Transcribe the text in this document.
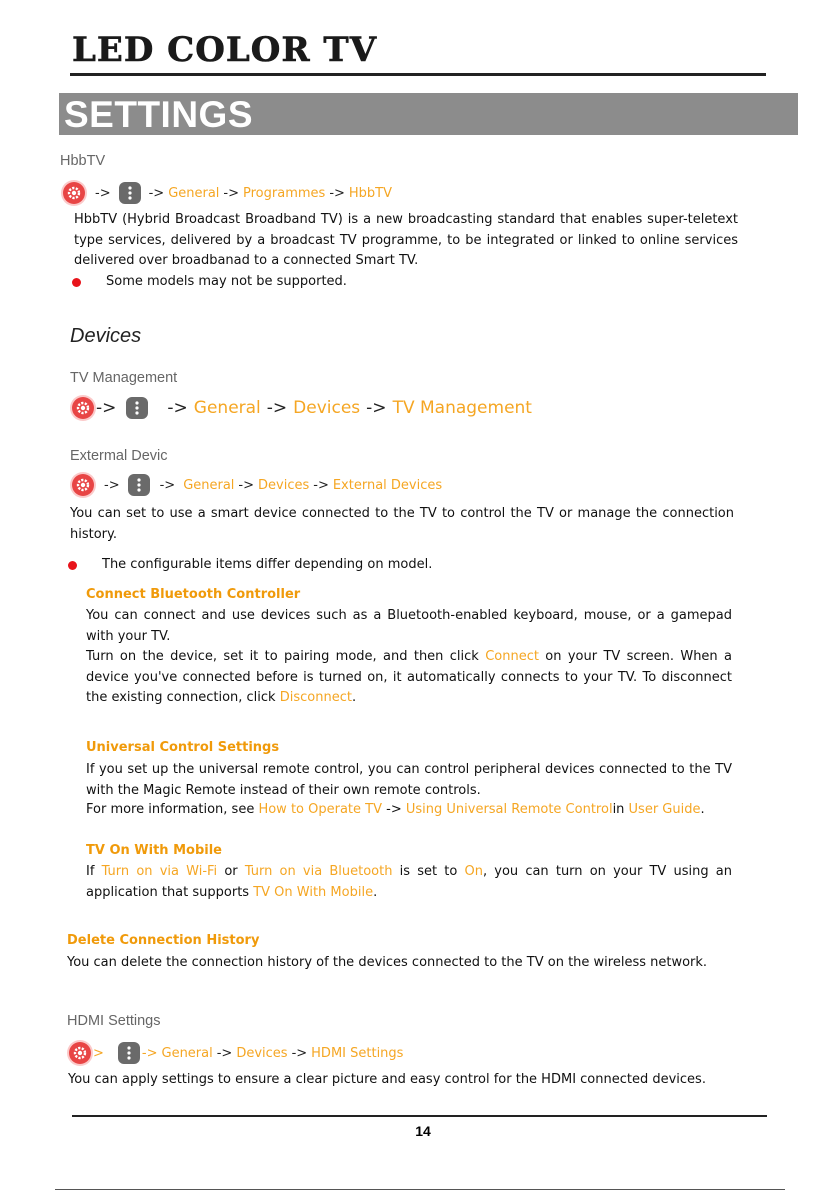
LED COLOR TV
SETTINGS
HbbTV
->	-> General -> Programmes -> HbbTV
HbbTV (Hybrid Broadcast Broadband TV) is a new broadcasting standard that enables super-teletext type services, delivered by a broadcast TV programme, to be integrated or linked to online services delivered over broadbanad to a connected Smart TV.
Some models may not be supported.
Devices
TV Management
->	-> General -> Devices -> TV Management
Extermal Devic
->	-> General -> Devices -> External Devices
You can set to use a smart device connected to the TV to control the TV or manage the connection history.
The configurable items differ depending on model.
Connect Bluetooth Controller
You can connect and use devices such as a Bluetooth-enabled keyboard, mouse, or a gamepad with your TV.
Turn on the device, set it to pairing mode, and then click Connect on your TV screen. When a device you've connected before is turned on, it automatically connects to your TV. To disconnect the existing connection, click Disconnect.
Universal Control Settings
If you set up the universal remote control, you can control peripheral devices connected to the TV with the Magic Remote instead of their own remote controls.
For more information, see How to Operate TV -> Using Universal Remote Controlin User Guide.
TV On With Mobile
If Turn on via Wi-Fi or Turn on via Bluetooth is set to On, you can turn on your TV using an application that supports TV On With Mobile.
Delete Connection History
You can delete the connection history of the devices connected to the TV on the wireless network.
HDMI Settings
>	-> General -> Devices -> HDMI Settings
You can apply settings to ensure a clear picture and easy control for the HDMI connected devices.
14
